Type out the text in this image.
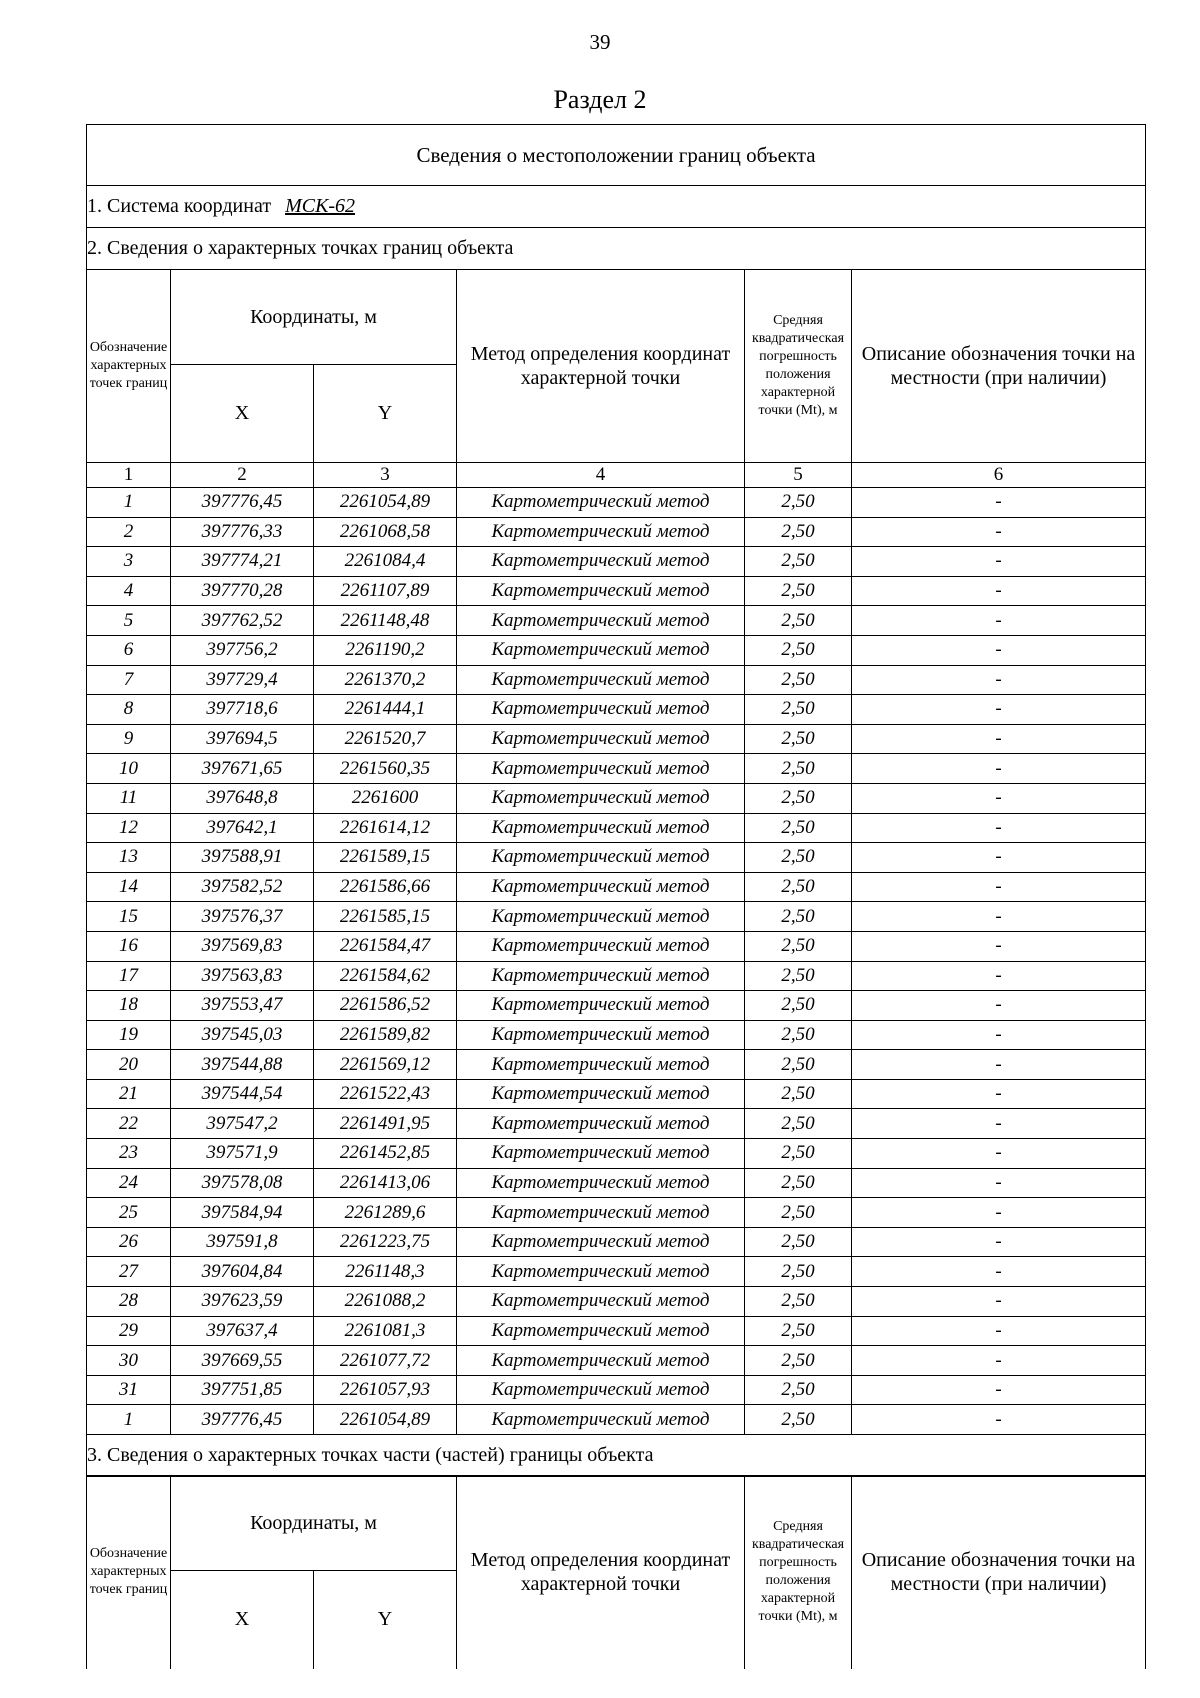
39
Раздел 2
Сведения о местоположении границ объекта					
1. Система координат МСК-62					
2. Сведения о характерных точках границ объекта					
Обозначение характерных точек границ	Координаты, м		Метод определения координат характерной точки	Средняя квадратическая погрешность положения характерной точки (Mt), м	Описание обозначения точки на местности (при наличии)
	X	Y			
1	2	3	4	5	6
1	397776,45	2261054,89	Картометрический метод	2,50	-
2	397776,33	2261068,58	Картометрический метод	2,50	-
3	397774,21	2261084,4	Картометрический метод	2,50	-
4	397770,28	2261107,89	Картометрический метод	2,50	-
5	397762,52	2261148,48	Картометрический метод	2,50	-
6	397756,2	2261190,2	Картометрический метод	2,50	-
7	397729,4	2261370,2	Картометрический метод	2,50	-
8	397718,6	2261444,1	Картометрический метод	2,50	-
9	397694,5	2261520,7	Картометрический метод	2,50	-
10	397671,65	2261560,35	Картометрический метод	2,50	-
11	397648,8	2261600	Картометрический метод	2,50	-
12	397642,1	2261614,12	Картометрический метод	2,50	-
13	397588,91	2261589,15	Картометрический метод	2,50	-
14	397582,52	2261586,66	Картометрический метод	2,50	-
15	397576,37	2261585,15	Картометрический метод	2,50	-
16	397569,83	2261584,47	Картометрический метод	2,50	-
17	397563,83	2261584,62	Картометрический метод	2,50	-
18	397553,47	2261586,52	Картометрический метод	2,50	-
19	397545,03	2261589,82	Картометрический метод	2,50	-
20	397544,88	2261569,12	Картометрический метод	2,50	-
21	397544,54	2261522,43	Картометрический метод	2,50	-
22	397547,2	2261491,95	Картометрический метод	2,50	-
23	397571,9	2261452,85	Картометрический метод	2,50	-
24	397578,08	2261413,06	Картометрический метод	2,50	-
25	397584,94	2261289,6	Картометрический метод	2,50	-
26	397591,8	2261223,75	Картометрический метод	2,50	-
27	397604,84	2261148,3	Картометрический метод	2,50	-
28	397623,59	2261088,2	Картометрический метод	2,50	-
29	397637,4	2261081,3	Картометрический метод	2,50	-
30	397669,55	2261077,72	Картометрический метод	2,50	-
31	397751,85	2261057,93	Картометрический метод	2,50	-
1	397776,45	2261054,89	Картометрический метод	2,50	-
3. Сведения о характерных точках части (частей) границы объекта
Обозначение характерных точек границ	Координаты, м		Метод определения координат характерной точки	Средняя квадратическая погрешность положения характерной точки (Mt), м	Описание обозначения точки на местности (при наличии)
	X	Y			
